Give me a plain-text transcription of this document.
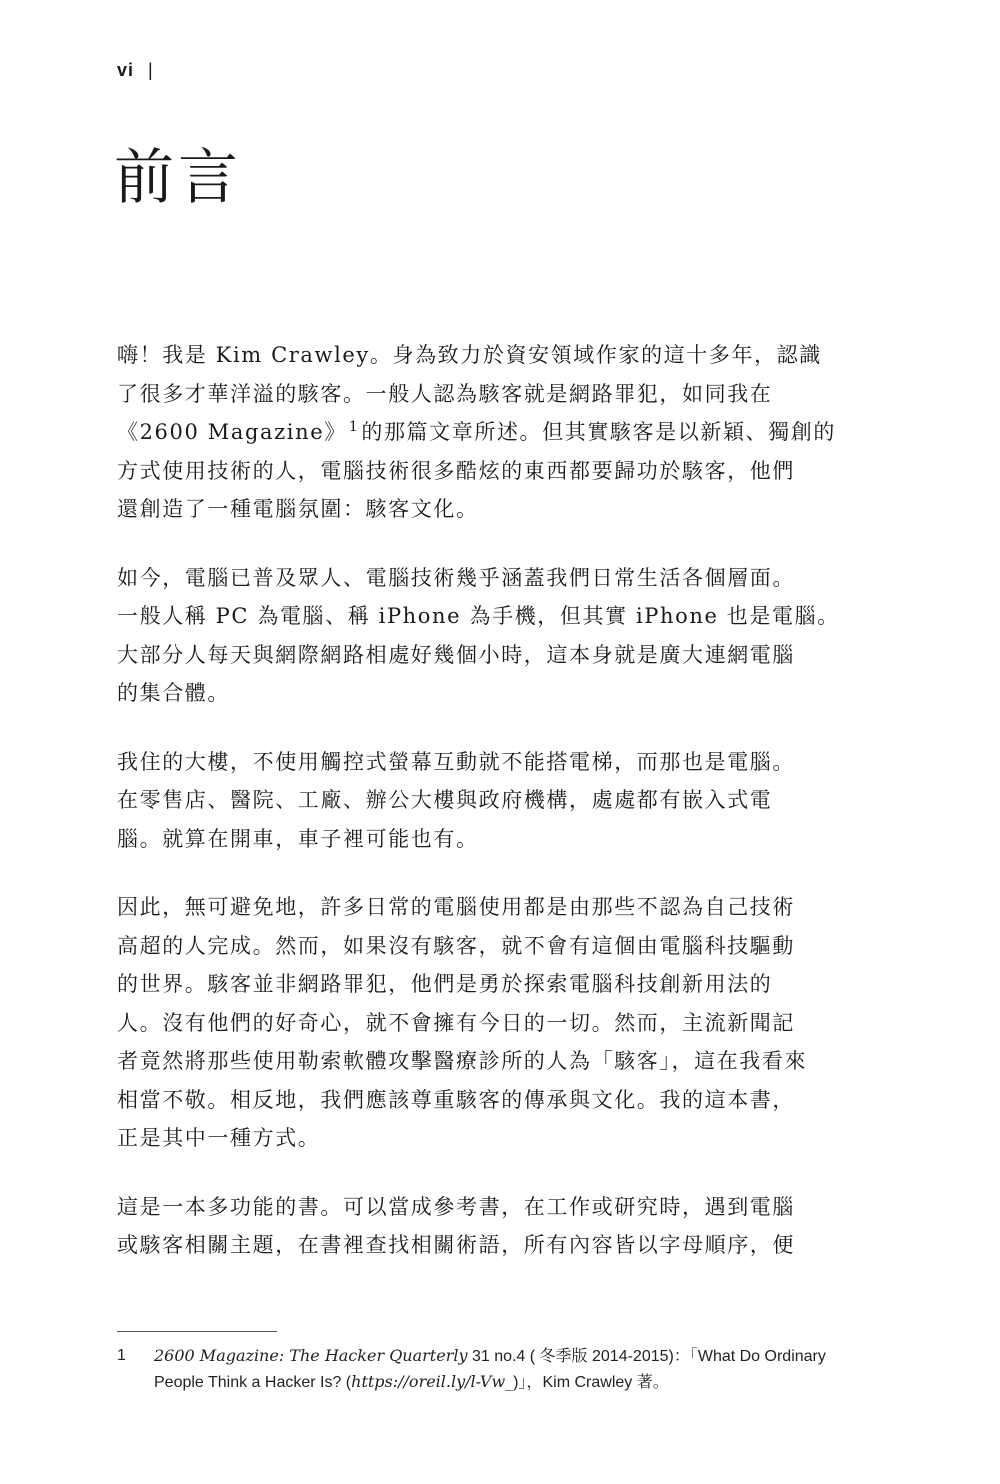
vi |
前言

嗨！我是 Kim Crawley。身為致力於資安領域作家的這十多年，認識
了很多才華洋溢的駭客。一般人認為駭客就是網路罪犯，如同我在
《2600 Magazine》 $^1$的那篇文章所述。但其實駭客是以新穎、獨創的
方式使用技術的人，電腦技術很多酷炫的東西都要歸功於駭客，他們
還創造了一種電腦氛圍：駭客文化。

如今，電腦已普及眾人、電腦技術幾乎涵蓋我們日常生活各個層面。
一般人稱 PC 為電腦、稱 iPhone 為手機，但其實 iPhone 也是電腦。
大部分人每天與網際網路相處好幾個小時，這本身就是廣大連網電腦
的集合體。

我住的大樓，不使用觸控式螢幕互動就不能搭電梯，而那也是電腦。
在零售店、醫院、工廠、辦公大樓與政府機構，處處都有嵌入式電
腦。就算在開車，車子裡可能也有。

因此，無可避免地，許多日常的電腦使用都是由那些不認為自己技術
高超的人完成。然而，如果沒有駭客，就不會有這個由電腦科技驅動
的世界。駭客並非網路罪犯，他們是勇於探索電腦科技創新用法的
人。沒有他們的好奇心，就不會擁有今日的一切。然而，主流新聞記
者竟然將那些使用勒索軟體攻擊醫療診所的人為「駭客」，這在我看來
相當不敬。相反地，我們應該尊重駭客的傳承與文化。我的這本書，
正是其中一種方式。

這是一本多功能的書。可以當成參考書，在工作或研究時，遇到電腦
或駭客相關主題，在書裡查找相關術語，所有內容皆以字母順序，便

1 2600 Magazine: The Hacker Quarterly 31 no.4 ( 冬季版 2014-2015)：「What Do Ordinary People Think a Hacker Is? (https://oreil.ly/l-Vw_)」，Kim Crawley 著。
